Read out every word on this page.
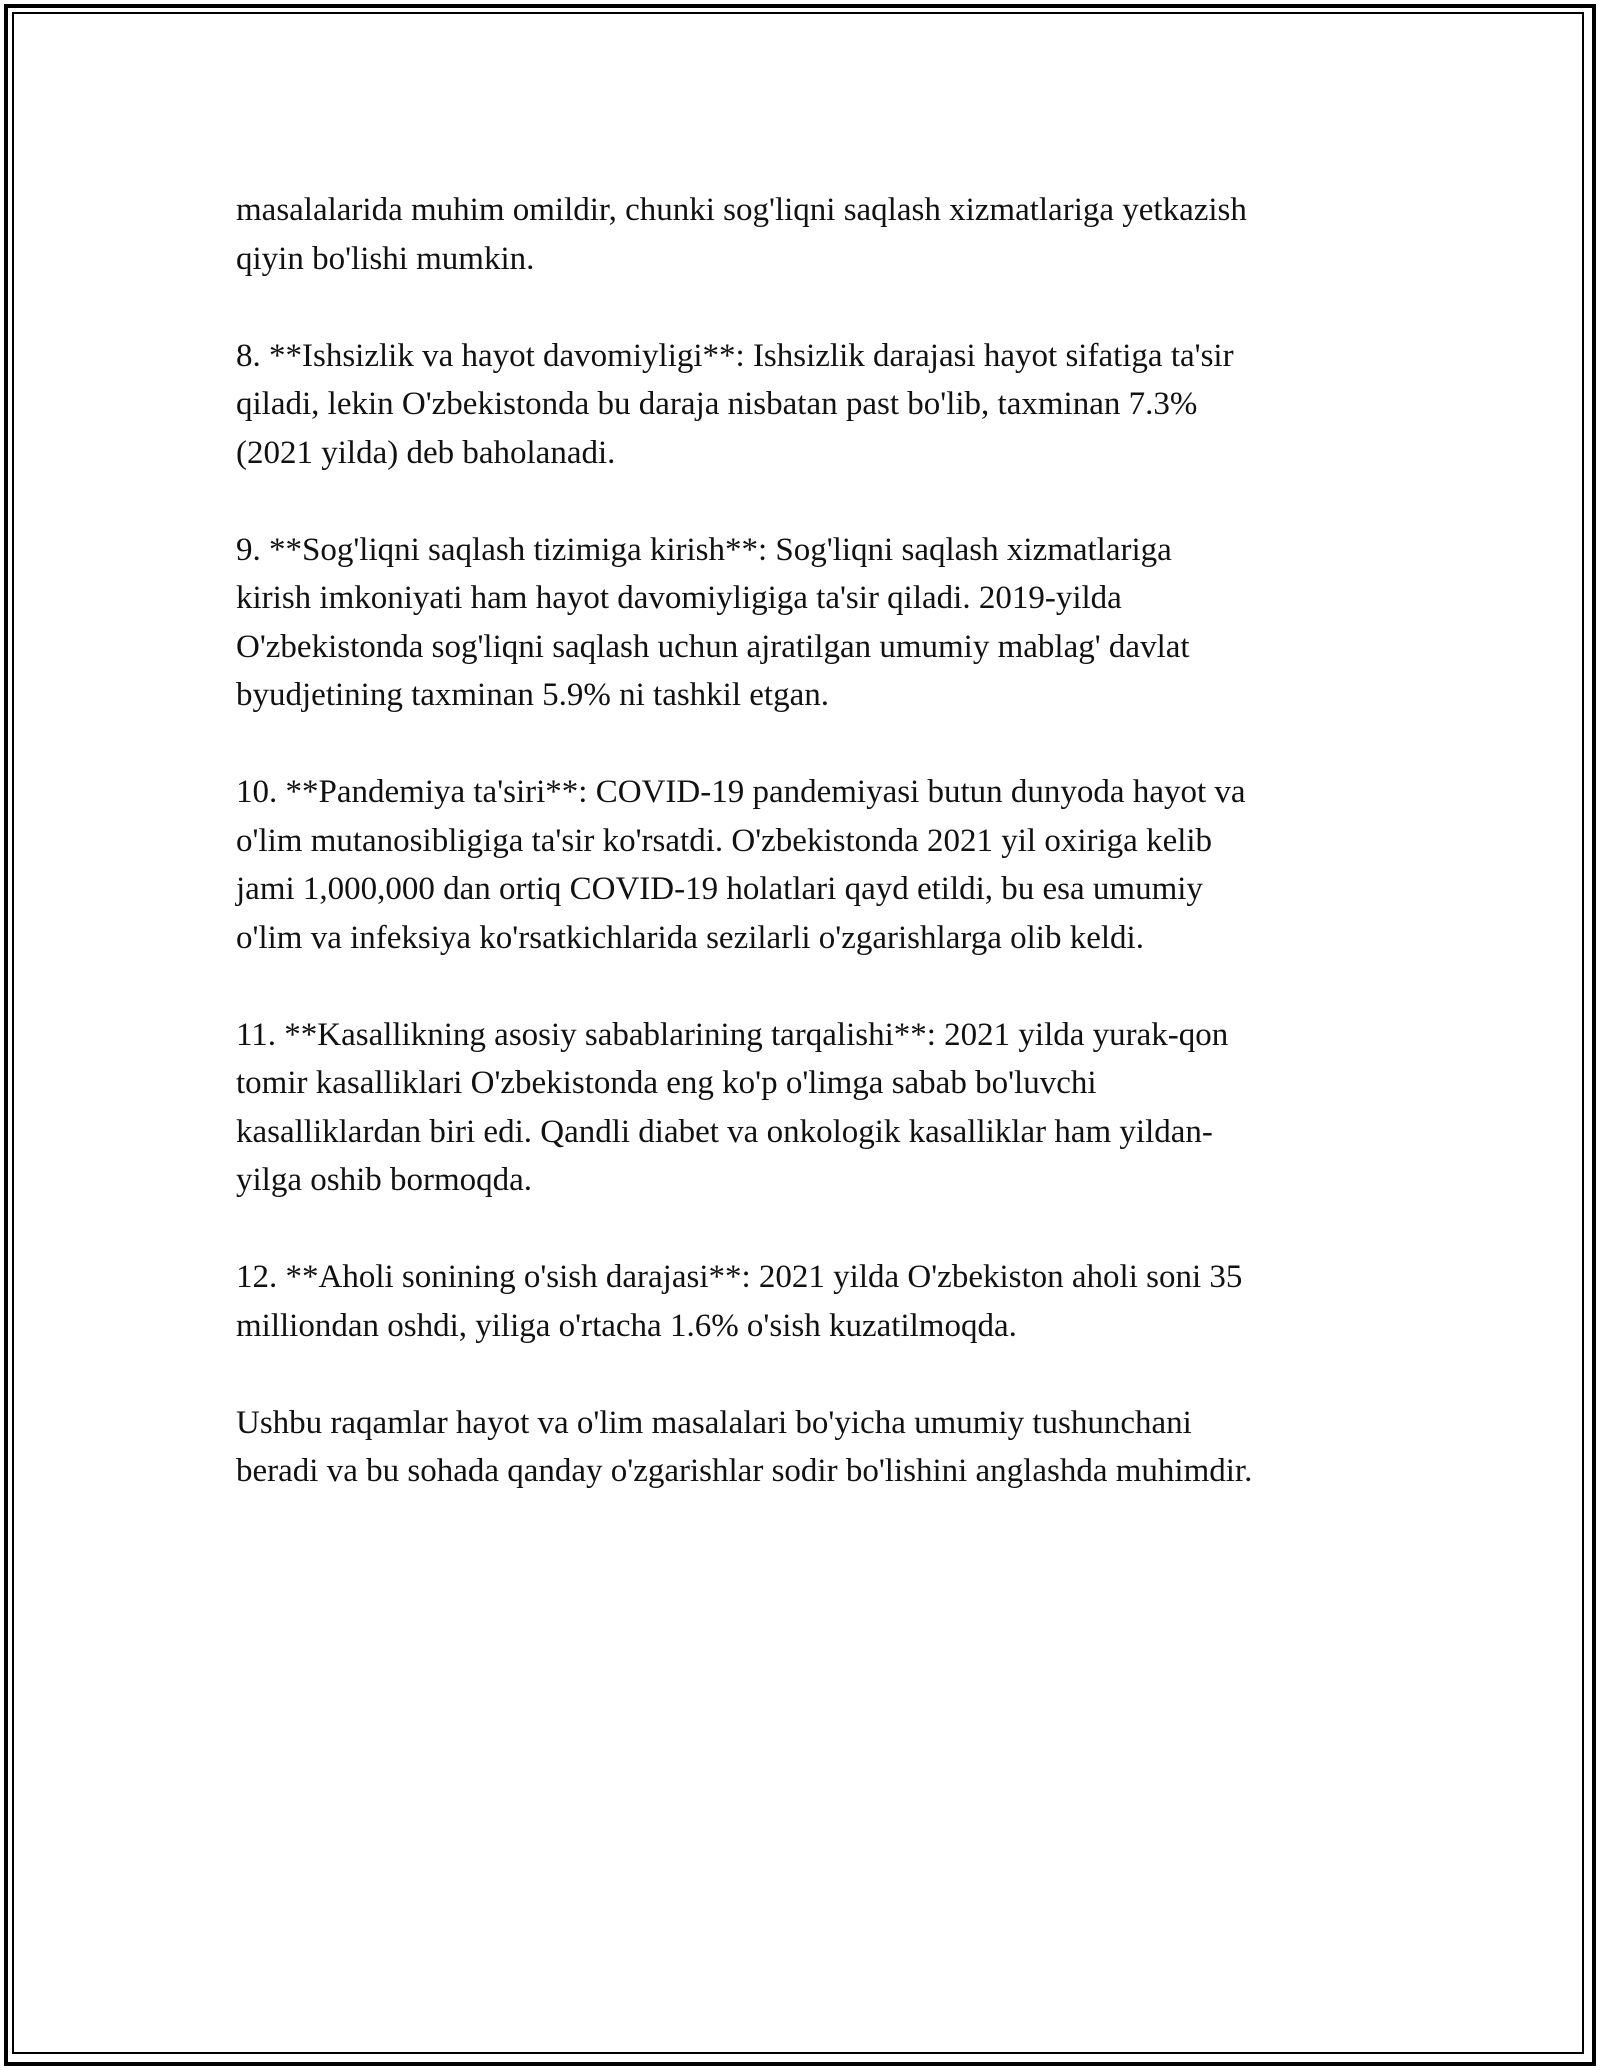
masalalarida muhim omildir, chunki sog'liqni saqlash xizmatlariga yetkazish
qiyin bo'lishi mumkin.

8. **Ishsizlik va hayot davomiyligi**: Ishsizlik darajasi hayot sifatiga ta'sir
qiladi, lekin O'zbekistonda bu daraja nisbatan past bo'lib, taxminan 7.3%
(2021 yilda) deb baholanadi.

9. **Sog'liqni saqlash tizimiga kirish**: Sog'liqni saqlash xizmatlariga
kirish imkoniyati ham hayot davomiyligiga ta'sir qiladi. 2019-yilda
O'zbekistonda sog'liqni saqlash uchun ajratilgan umumiy mablag' davlat
byudjetining taxminan 5.9% ni tashkil etgan.

10. **Pandemiya ta'siri**: COVID-19 pandemiyasi butun dunyoda hayot va
o'lim mutanosibligiga ta'sir ko'rsatdi. O'zbekistonda 2021 yil oxiriga kelib
jami 1,000,000 dan ortiq COVID-19 holatlari qayd etildi, bu esa umumiy
o'lim va infeksiya ko'rsatkichlarida sezilarli o'zgarishlarga olib keldi.

11. **Kasallikning asosiy sabablarining tarqalishi**: 2021 yilda yurak-qon
tomir kasalliklari O'zbekistonda eng ko'p o'limga sabab bo'luvchi
kasalliklardan biri edi. Qandli diabet va onkologik kasalliklar ham yildan-
yilga oshib bormoqda.

12. **Aholi sonining o'sish darajasi**: 2021 yilda O'zbekiston aholi soni 35
milliondan oshdi, yiliga o'rtacha 1.6% o'sish kuzatilmoqda.

Ushbu raqamlar hayot va o'lim masalalari bo'yicha umumiy tushunchani
beradi va bu sohada qanday o'zgarishlar sodir bo'lishini anglashda muhimdir.
